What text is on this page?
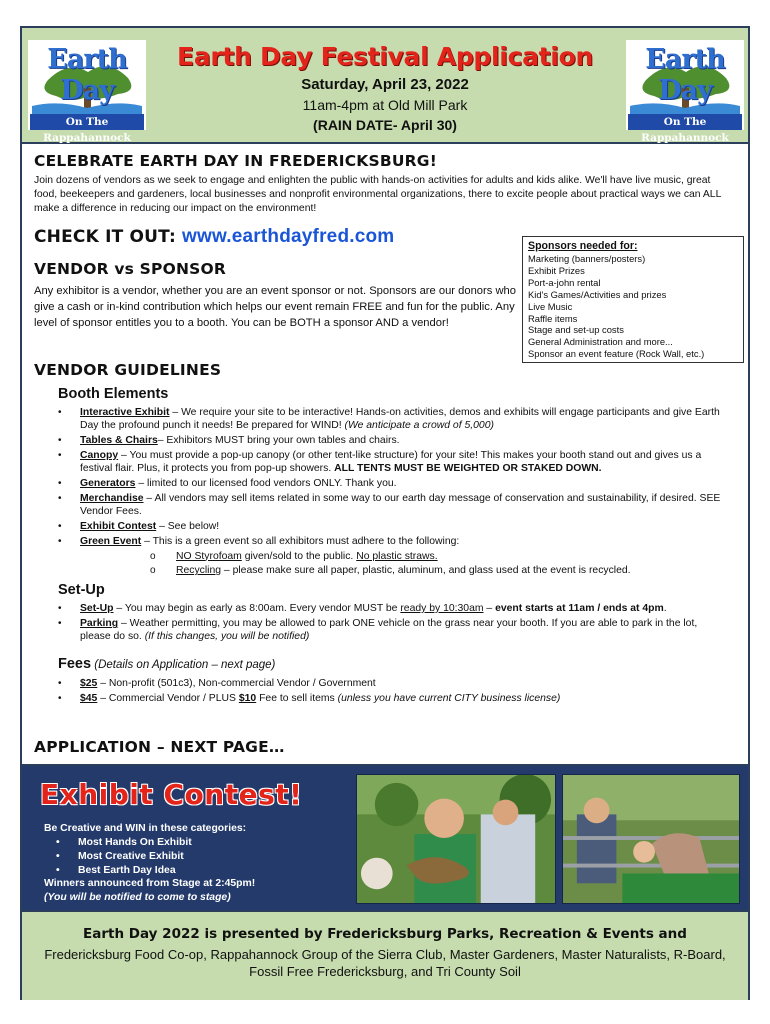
Earth Day
On The Rappahannock
Earth Day Festival Application
Saturday, April 23, 2022
11am-4pm at Old Mill Park
(RAIN DATE- April 30)
Earth Day
On The Rappahannock
CELEBRATE EARTH DAY IN FREDERICKSBURG!
Join dozens of vendors as we seek to engage and enlighten the public with hands-on activities for adults and kids alike. We'll have live music, great food, beekeepers and gardeners, local businesses and nonprofit environmental organizations, there to excite people about practical ways we can ALL make a difference in reducing our impact on the environment!
CHECK IT OUT: www.earthdayfred.com
VENDOR vs SPONSOR
Any exhibitor is a vendor, whether you are an event sponsor or not. Sponsors are our donors who give a cash or in-kind contribution which helps our event remain FREE and fun for the public. Any level of sponsor entitles you to a booth. You can be BOTH a sponsor AND a vendor!
Sponsors needed for:
Marketing (banners/posters)
Exhibit Prizes
Port-a-john rental
Kid's Games/Activities and prizes
Live Music
Raffle items
Stage and set-up costs
General Administration and more...
Sponsor an event feature (Rock Wall, etc.)
VENDOR GUIDELINES
Booth Elements
• Interactive Exhibit – We require your site to be interactive! Hands-on activities, demos and exhibits will engage participants and give Earth Day the profound punch it needs! Be prepared for WIND! (We anticipate a crowd of 5,000)
• Tables & Chairs– Exhibitors MUST bring your own tables and chairs.
• Canopy – You must provide a pop-up canopy (or other tent-like structure) for your site! This makes your booth stand out and gives us a festival flair. Plus, it protects you from pop-up showers. ALL TENTS MUST BE WEIGHTED OR STAKED DOWN.
• Generators – limited to our licensed food vendors ONLY. Thank you.
• Merchandise – All vendors may sell items related in some way to our earth day message of conservation and sustainability, if desired. SEE Vendor Fees.
• Exhibit Contest – See below!
• Green Event – This is a green event so all exhibitors must adhere to the following:
o NO Styrofoam given/sold to the public. No plastic straws.
o Recycling – please make sure all paper, plastic, aluminum, and glass used at the event is recycled.
Set-Up
• Set-Up – You may begin as early as 8:00am. Every vendor MUST be ready by 10:30am – event starts at 11am / ends at 4pm.
• Parking – Weather permitting, you may be allowed to park ONE vehicle on the grass near your booth. If you are able to park in the lot, please do so. (If this changes, you will be notified)
Fees (Details on Application – next page)
• $25 – Non-profit (501c3), Non-commercial Vendor / Government
• $45 – Commercial Vendor / PLUS $10 Fee to sell items (unless you have current CITY business license)
APPLICATION – NEXT PAGE…
Exhibit Contest!
Be Creative and WIN in these categories:
• Most Hands On Exhibit
• Most Creative Exhibit
• Best Earth Day Idea
Winners announced from Stage at 2:45pm!
(You will be notified to come to stage)
Earth Day 2022 is presented by Fredericksburg Parks, Recreation & Events and
Fredericksburg Food Co-op, Rappahannock Group of the Sierra Club, Master Gardeners, Master Naturalists, R-Board, Fossil Free Fredericksburg, and Tri County Soil
